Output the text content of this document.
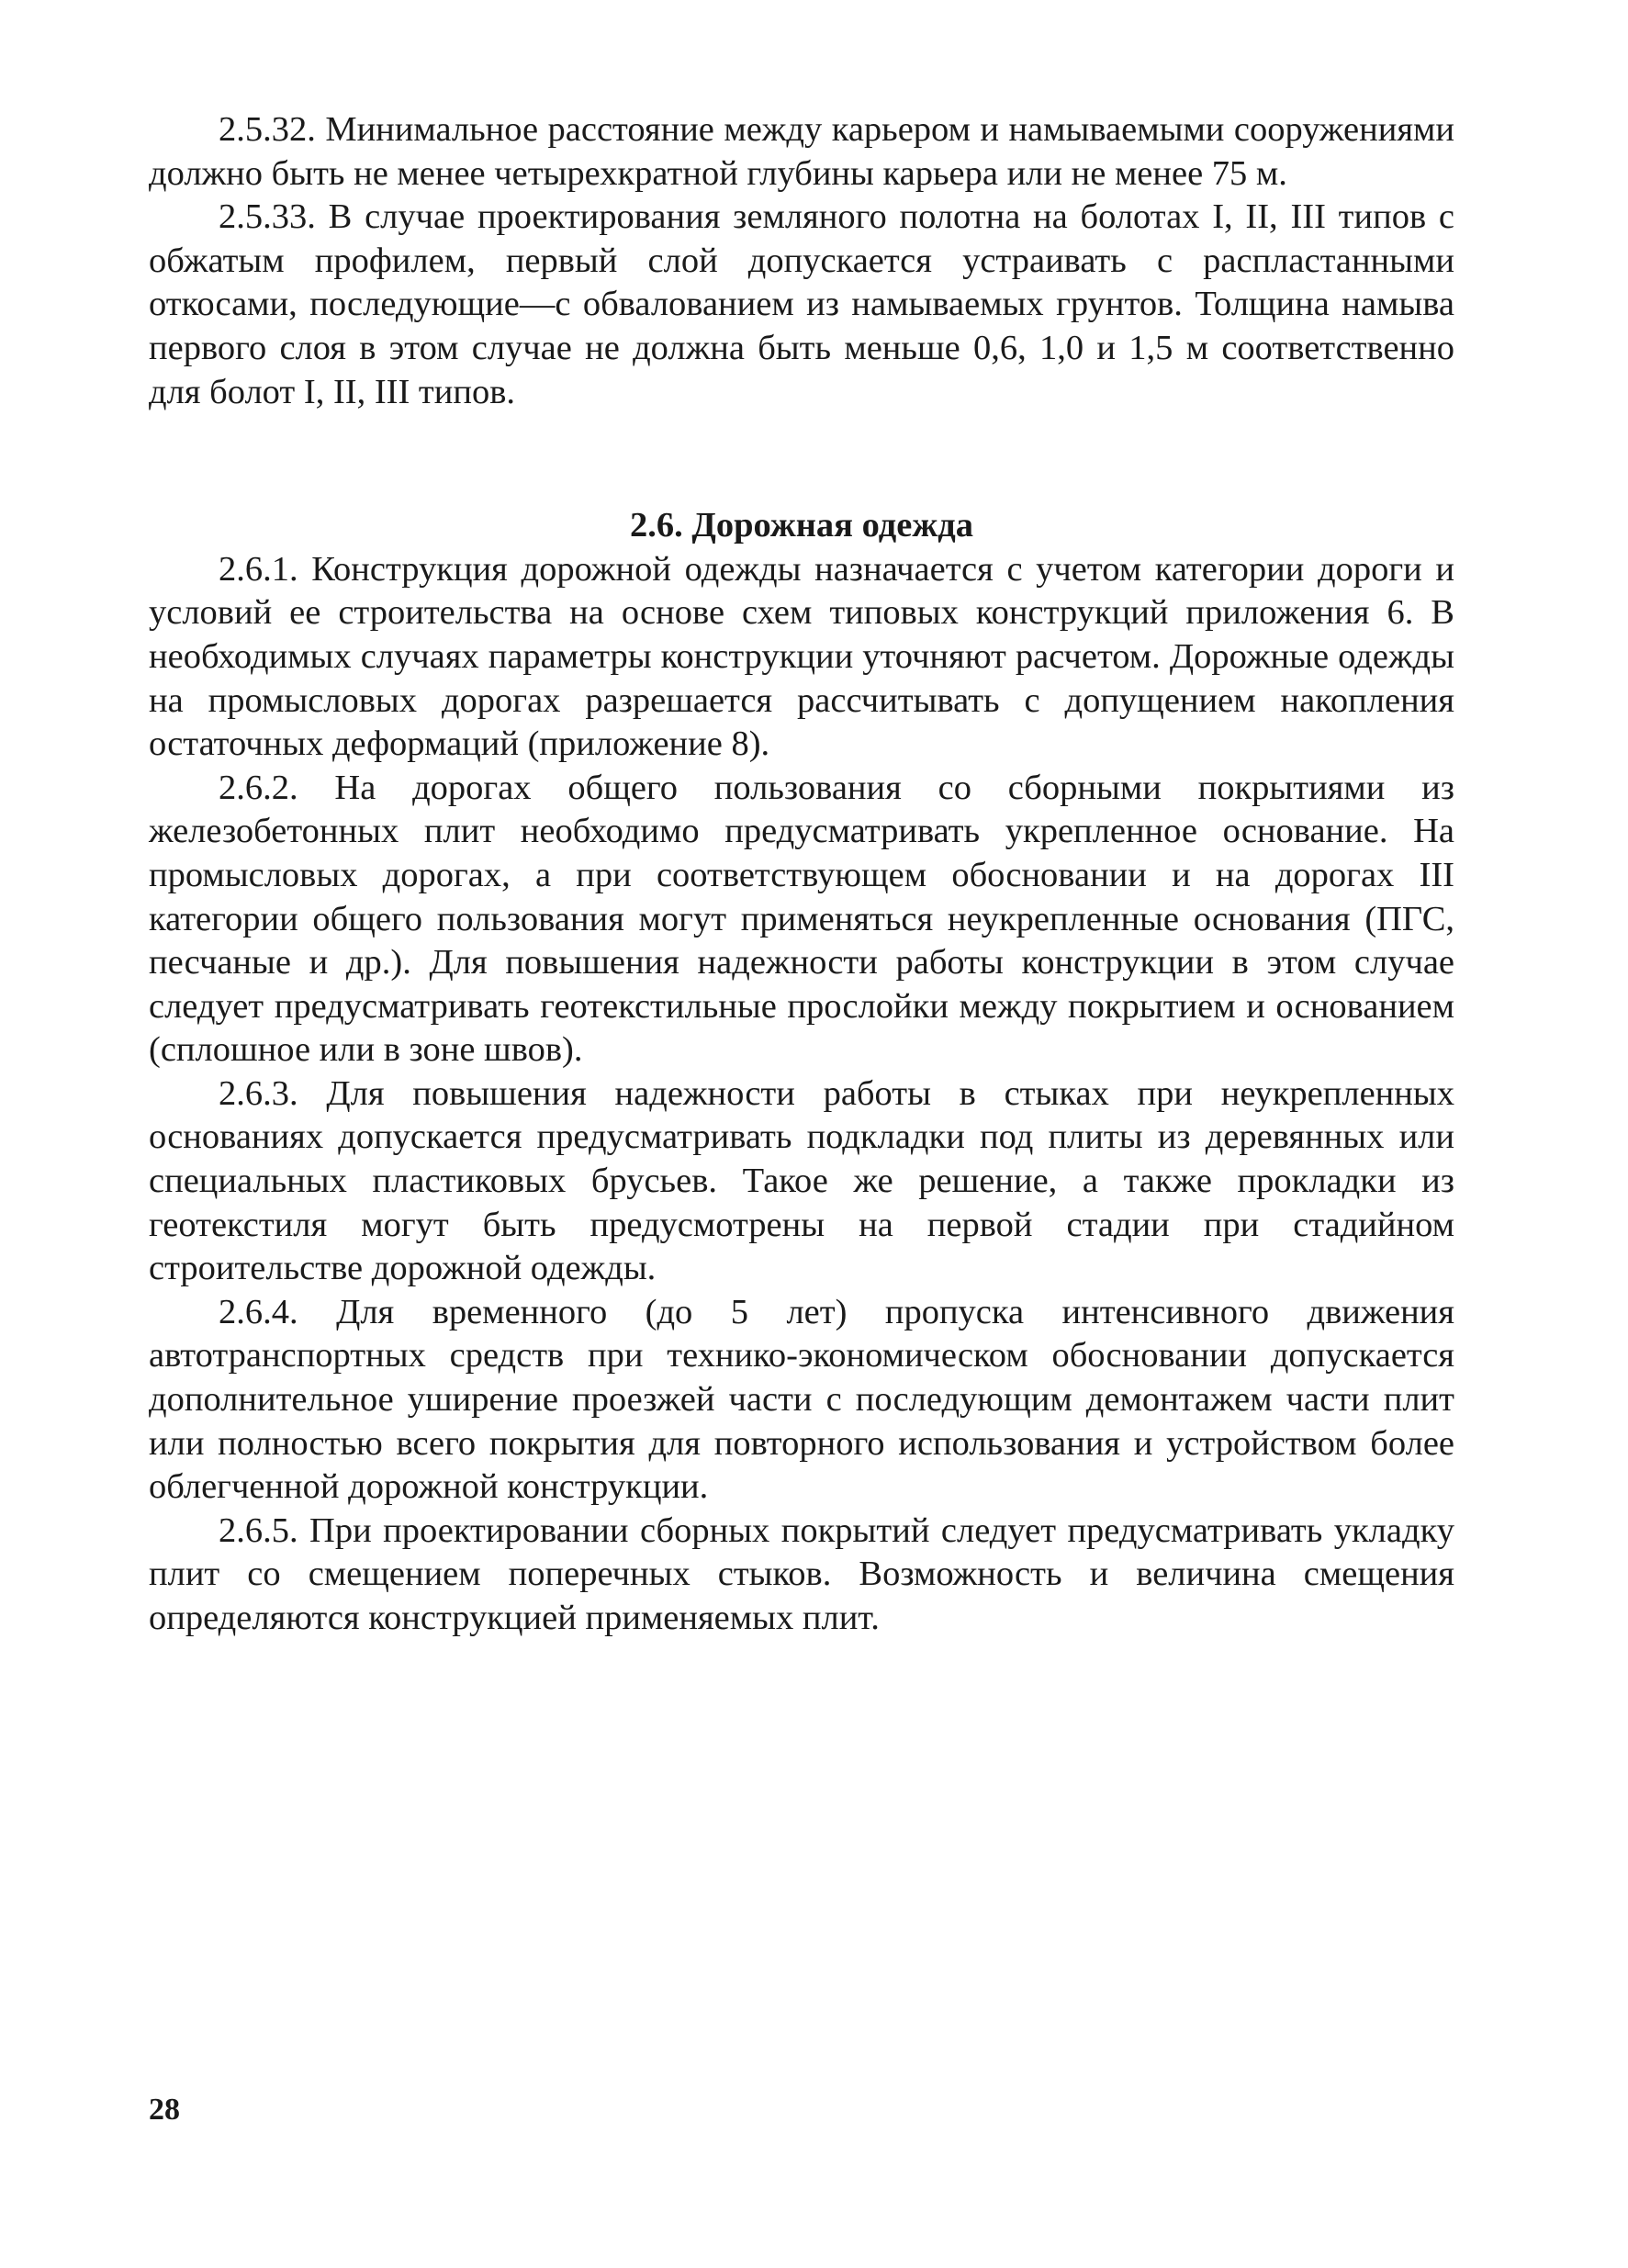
2.5.32. Минимальное расстояние между карьером и намываемыми сооружениями должно быть не менее четырехкратной глубины карьера или не менее 75 м.

2.5.33. В случае проектирования земляного полотна на болотах I, II, III типов с обжатым профилем, первый слой допускается устраивать с распластанными откосами, последующие—с обвалованием из намываемых грунтов. Толщина намыва первого слоя в этом случае не должна быть меньше 0,6, 1,0 и 1,5 м соответственно для болот I, II, III типов.

2.6. Дорожная одежда

2.6.1. Конструкция дорожной одежды назначается с учетом категории дороги и условий ее строительства на основе схем типовых конструкций приложения 6. В необходимых случаях параметры конструкции уточняют расчетом. Дорожные одежды на промысловых дорогах разрешается рассчитывать с допущением накопления остаточных деформаций (приложение 8).

2.6.2. На дорогах общего пользования со сборными покрытиями из железобетонных плит необходимо предусматривать укрепленное основание. На промысловых дорогах, а при соответствующем обосновании и на дорогах III категории общего пользования могут применяться неукрепленные основания (ПГС, песчаные и др.). Для повышения надежности работы конструкции в этом случае следует предусматривать геотекстильные прослойки между покрытием и основанием (сплошное или в зоне швов).

2.6.3. Для повышения надежности работы в стыках при неукрепленных основаниях допускается предусматривать подкладки под плиты из деревянных или специальных пластиковых брусьев. Такое же решение, а также прокладки из геотекстиля могут быть предусмотрены на первой стадии при стадийном строительстве дорожной одежды.

2.6.4. Для временного (до 5 лет) пропуска интенсивного движения автотранспортных средств при технико-экономическом обосновании допускается дополнительное уширение проезжей части с последующим демонтажем части плит или полностью всего покрытия для повторного использования и устройством более облегченной дорожной конструкции.

2.6.5. При проектировании сборных покрытий следует предусматривать укладку плит со смещением поперечных стыков. Возможность и величина смещения определяются конструкцией применяемых плит.

28
